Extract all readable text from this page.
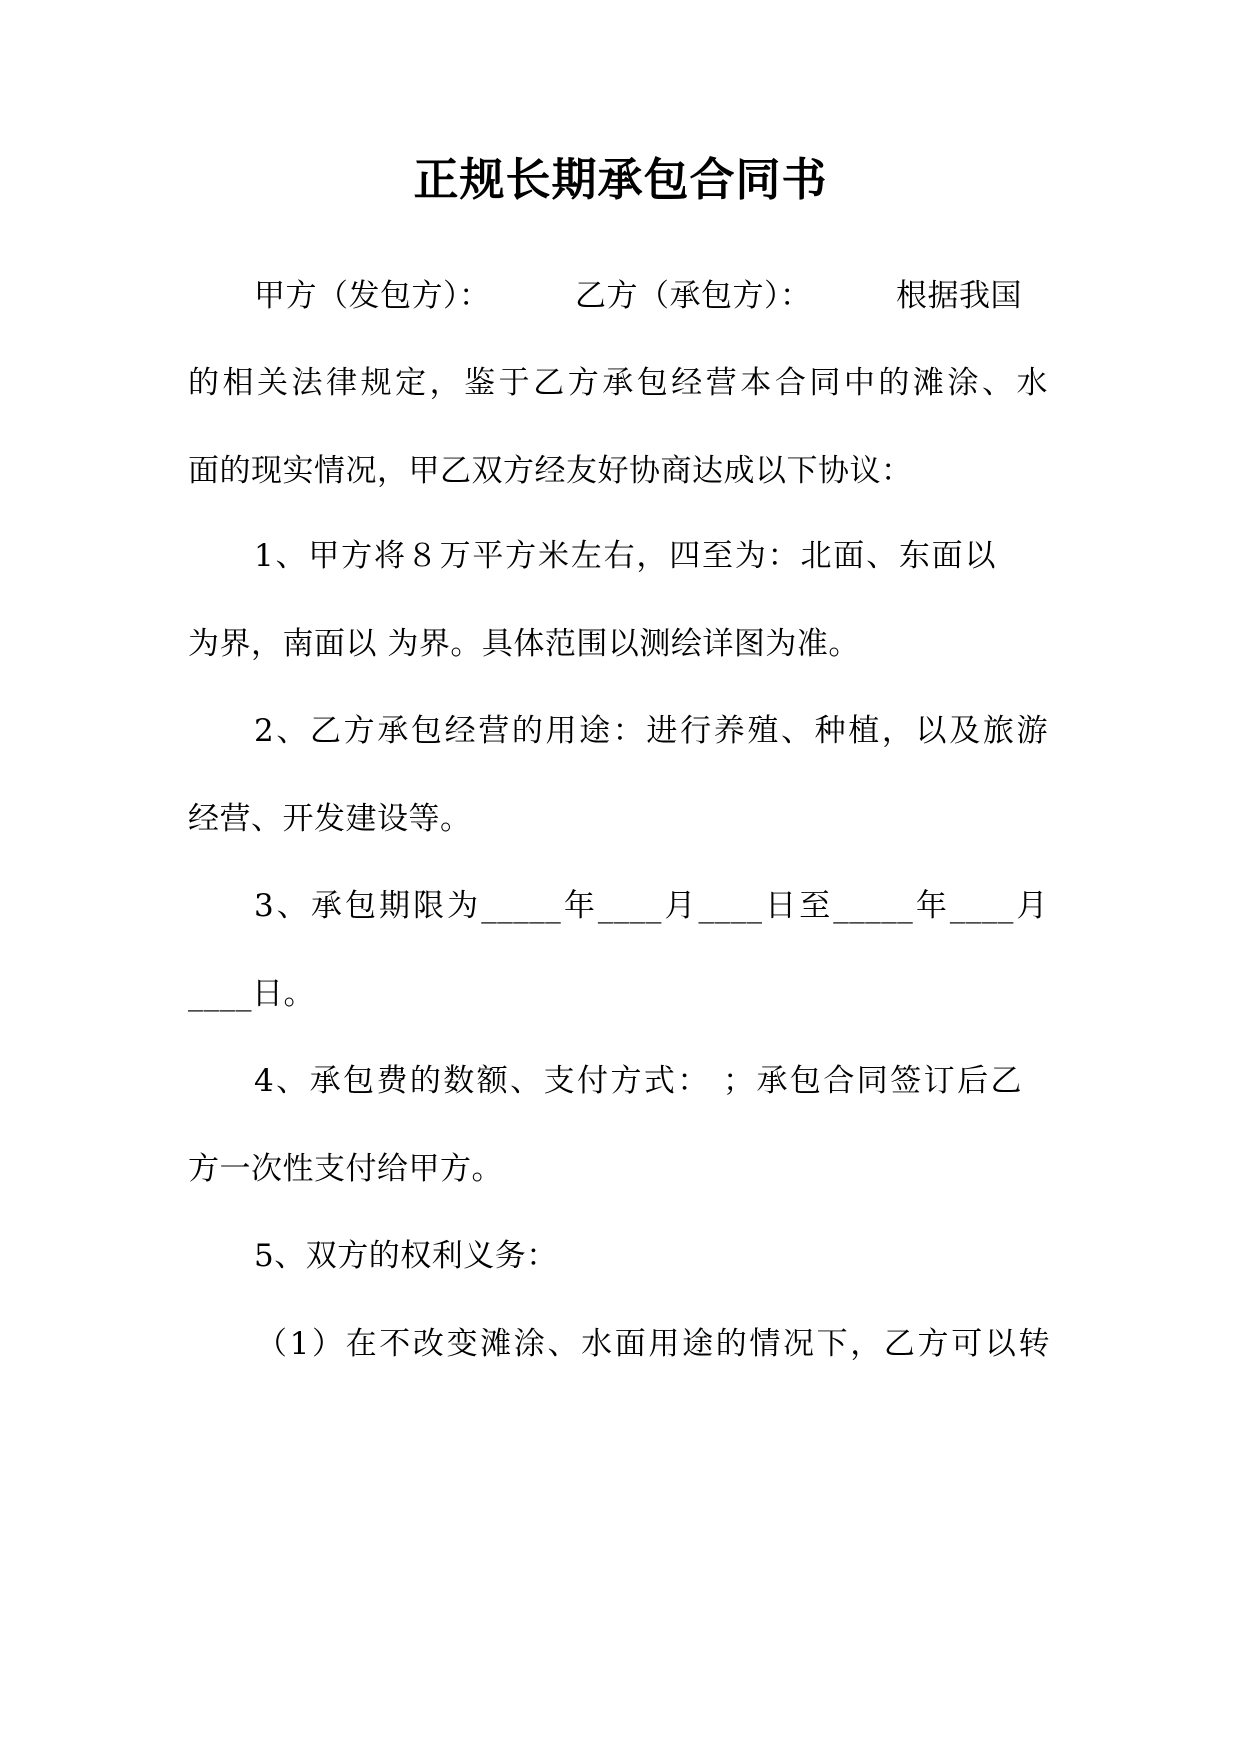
正规长期承包合同书
甲方（发包方）：	乙方（承包方）：	根据我国
的相关法律规定，鉴于乙方承包经营本合同中的滩涂、水
面的现实情况，甲乙双方经友好协商达成以下协议：
1、甲方将８万平方米左右，四至为：北面、东面以
为界，南面以 为界。具体范围以测绘详图为准。
2、乙方承包经营的用途：进行养殖、种植，以及旅游
经营、开发建设等。
3、承包期限为_____年____月____日至_____年____月
____日。
4、承包费的数额、支付方式： ；承包合同签订后乙
方一次性支付给甲方。
5、双方的权利义务：
（1）在不改变滩涂、水面用途的情况下，乙方可以转
